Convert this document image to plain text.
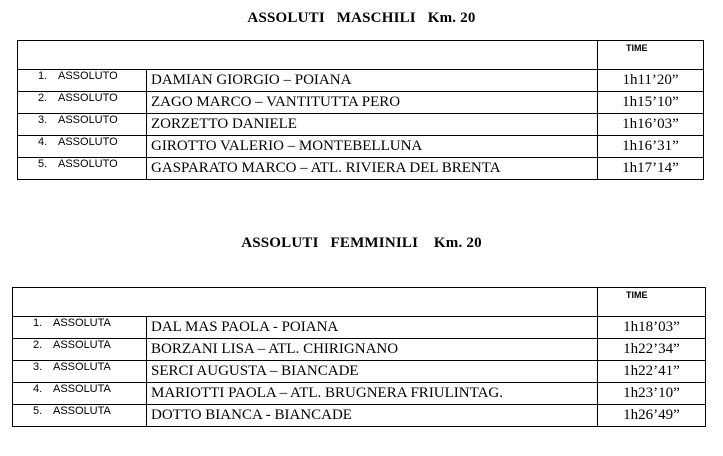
ASSOLUTI   MASCHILI   Km. 20
		TIME
1. ASSOLUTO	DAMIAN GIORGIO – POIANA	1h11’20”
2. ASSOLUTO	ZAGO MARCO – VANTITUTTA PERO	1h15’10”
3. ASSOLUTO	ZORZETTO DANIELE	1h16’03”
4. ASSOLUTO	GIROTTO VALERIO – MONTEBELLUNA	1h16’31”
5. ASSOLUTO	GASPARATO MARCO – ATL. RIVIERA DEL BRENTA	1h17’14”
ASSOLUTI   FEMMINILI    Km. 20
		TIME
1. ASSOLUTA	DAL MAS PAOLA - POIANA	1h18’03”
2. ASSOLUTA	BORZANI LISA – ATL. CHIRIGNANO	1h22’34”
3. ASSOLUTA	SERCI AUGUSTA – BIANCADE	1h22’41”
4. ASSOLUTA	MARIOTTI PAOLA – ATL. BRUGNERA FRIULINTAG.	1h23’10”
5. ASSOLUTA	DOTTO BIANCA - BIANCADE	1h26’49”
